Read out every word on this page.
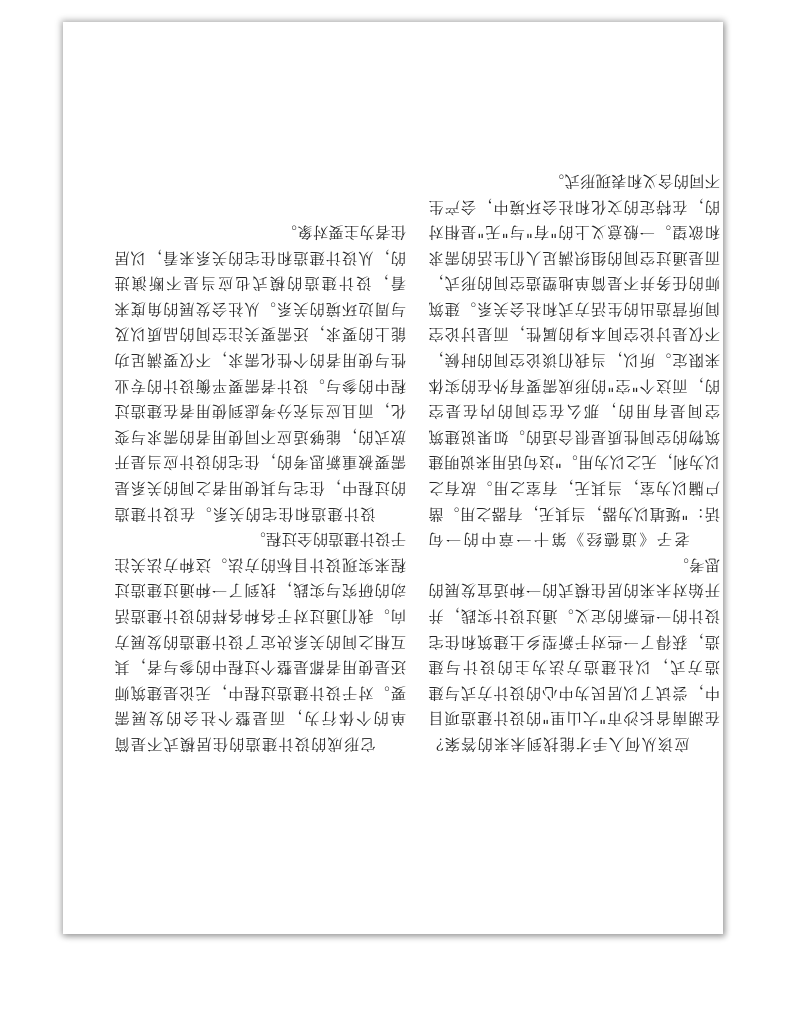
应该从何入手才能找到未来的答案？在湖南省长沙市"大山里"的设计建造项目中，尝试了以居民为中心的设计方式与建造方式，以社建造方法为主的设计与建造，获得了一些对于新型乡土建筑和住宅设计的一些新的定义。通过设计实践，并开始对未来的居住模式的一种适宜发展的思考。

老子《道德经》第十一章中的一句话："埏埴以为器，当其无，有器之用。凿户牖以为室，当其无，有室之用。故有之以为利，无之以为用。"这句话用来说明建筑物的空间性质是很合适的。如果说建筑空间是有用的，那么在空间的内在是空的，而这个"空"的形成需要有外在的实体来限定。所以，当我们谈论空间的时候，不仅是讨论空间本身的属性，而是讨论空间所营造出的生活方式和社会关系。建筑师的任务并不是简单地塑造空间的形式，而是通过空间的组织满足人们生活的需求和欲望。一般意义上的"有"与"无"是相对的，在特定的文化和社会环境中，会产生不同的含义和表现形式。

它形成的设计建造的住居模式不是简单的个体行为，而是整个社会的发展需要。对于设计建造过程中，无论是建筑师还是使用者都是整个过程中的参与者，其互相之间的关系决定了设计建造的发展方向。我们通过对于各种各样的设计建造活动的研究与实践，找到了一种通过建造过程来实现设计目标的方法。这种方法关注于设计建造的全过程。

设计建造和住宅的关系。在设计建造的过程中，住宅与其使用者之间的关系是需要被重新思考的，住宅的设计应当是开放式的，能够适应不同使用者的需求与变化，而且应当充分考虑到使用者在建造过程中的参与。设计者需要平衡设计的专业性与使用者的个性化需求，不仅要满足功能上的要求，还需要关注空间的品质以及与周边环境的关系。从社会发展的角度来看，设计建造的模式也应当是不断演进的，从设计建造和住宅的关系来看，以居住者为主要对象。
